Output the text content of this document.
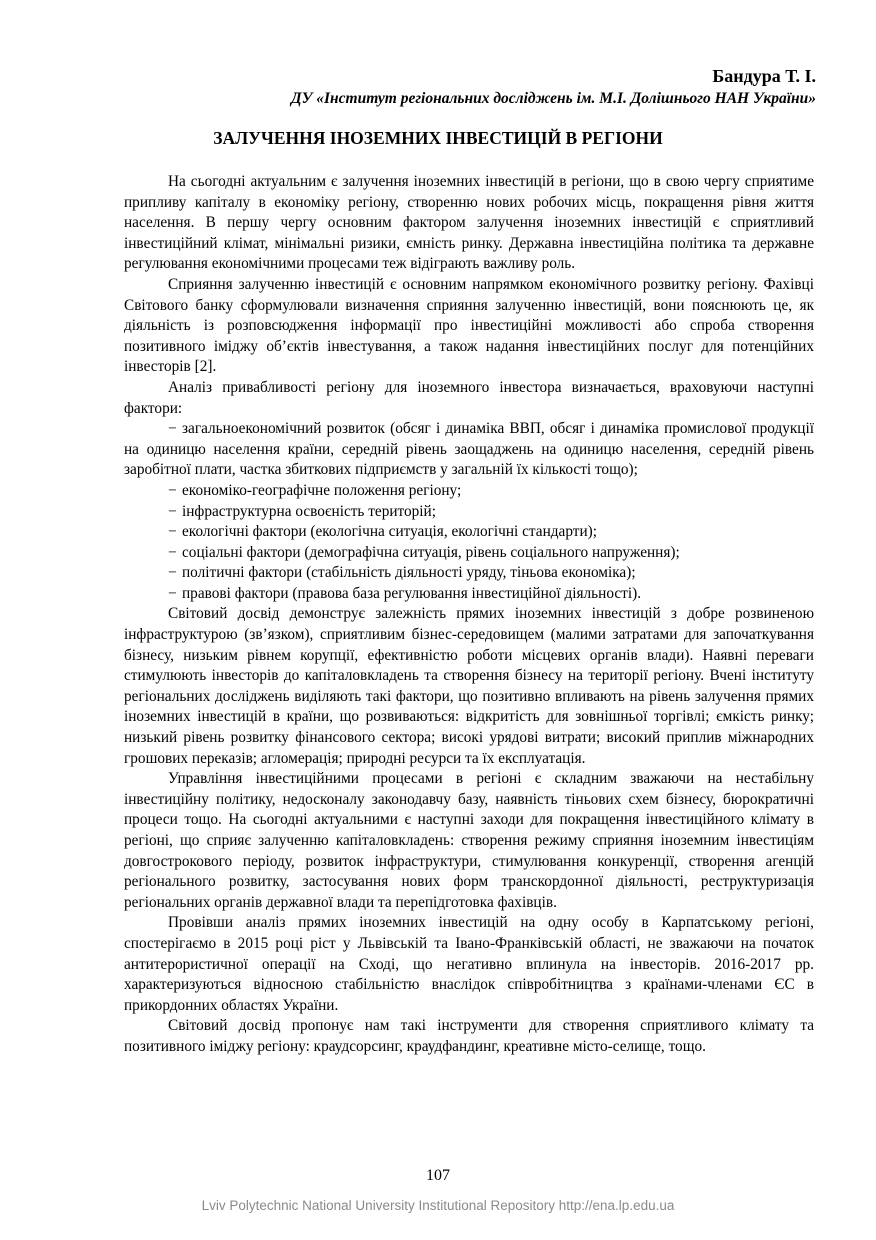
Бандура Т. І.
ДУ «Інститут регіональних досліджень ім. М.І. Долішнього НАН України»
ЗАЛУЧЕННЯ ІНОЗЕМНИХ ІНВЕСТИЦІЙ В РЕГІОНИ

На сьогодні актуальним є залучення іноземних інвестицій в регіони, що в свою чергу сприятиме припливу капіталу в економіку регіону, створенню нових робочих місць, покращення рівня життя населення. В першу чергу основним фактором залучення іноземних інвестицій є сприятливий інвестиційний клімат, мінімальні ризики, ємність ринку. Державна інвестиційна політика та державне регулювання економічними процесами теж відіграють важливу роль.

Сприяння залученню інвестицій є основним напрямком економічного розвитку регіону. Фахівці Світового банку сформулювали визначення сприяння залученню інвестицій, вони пояснюють це, як діяльність із розповсюдження інформації про інвестиційні можливості або спроба створення позитивного іміджу об’єктів інвестування, а також надання інвестиційних послуг для потенційних інвесторів [2].

Аналіз привабливості регіону для іноземного інвестора визначається, враховуючи наступні фактори:

− загальноекономічний розвиток (обсяг і динаміка ВВП, обсяг і динаміка промислової продукції на одиницю населення країни, середній рівень заощаджень на одиницю населення, середній рівень заробітної плати, частка збиткових підприємств у загальній їх кількості тощо);
− економіко-географічне положення регіону;
− інфраструктурна освоєність територій;
− екологічні фактори (екологічна ситуація, екологічні стандарти);
− соціальні фактори (демографічна ситуація, рівень соціального напруження);
− політичні фактори (стабільність діяльності уряду, тіньова економіка);
− правові фактори (правова база регулювання інвестиційної діяльності).

Світовий досвід демонструє залежність прямих іноземних інвестицій з добре розвиненою інфраструктурою (зв’язком), сприятливим бізнес-середовищем (малими затратами для започаткування бізнесу, низьким рівнем корупції, ефективністю роботи місцевих органів влади). Наявні переваги стимулюють інвесторів до капіталовкладень та створення бізнесу на території регіону. Вчені інституту регіональних досліджень виділяють такі фактори, що позитивно впливають на рівень залучення прямих іноземних інвестицій в країни, що розвиваються: відкритість для зовнішньої торгівлі; ємкість ринку; низький рівень розвитку фінансового сектора; високі урядові витрати; високий приплив міжнародних грошових переказів; агломерація; природні ресурси та їх експлуатація.

Управління інвестиційними процесами в регіоні є складним зважаючи на нестабільну інвестиційну політику, недосконалу законодавчу базу, наявність тіньових схем бізнесу, бюрократичні процеси тощо. На сьогодні актуальними є наступні заходи для покращення інвестиційного клімату в регіоні, що сприяє залученню капіталовкладень: створення режиму сприяння іноземним інвестиціям довгострокового періоду, розвиток інфраструктури, стимулювання конкуренції, створення агенцій регіонального розвитку, застосування нових форм транскордонної діяльності, реструктуризація регіональних органів державної влади та перепідготовка фахівців.

Провівши аналіз прямих іноземних інвестицій на одну особу в Карпатському регіоні, спостерігаємо в 2015 році ріст у Львівській та Івано-Франківській області, не зважаючи на початок антитерористичної операції на Сході, що негативно вплинула на інвесторів. 2016-2017 рр. характеризуються відносною стабільністю внаслідок співробітництва з країнами-членами ЄС в прикордонних областях України.

Світовий досвід пропонує нам такі інструменти для створення сприятливого клімату та позитивного іміджу регіону: краудсорсинг, краудфандинг, креативне місто-селище, тощо.

107
Lviv Polytechnic National University Institutional Repository http://ena.lp.edu.ua
